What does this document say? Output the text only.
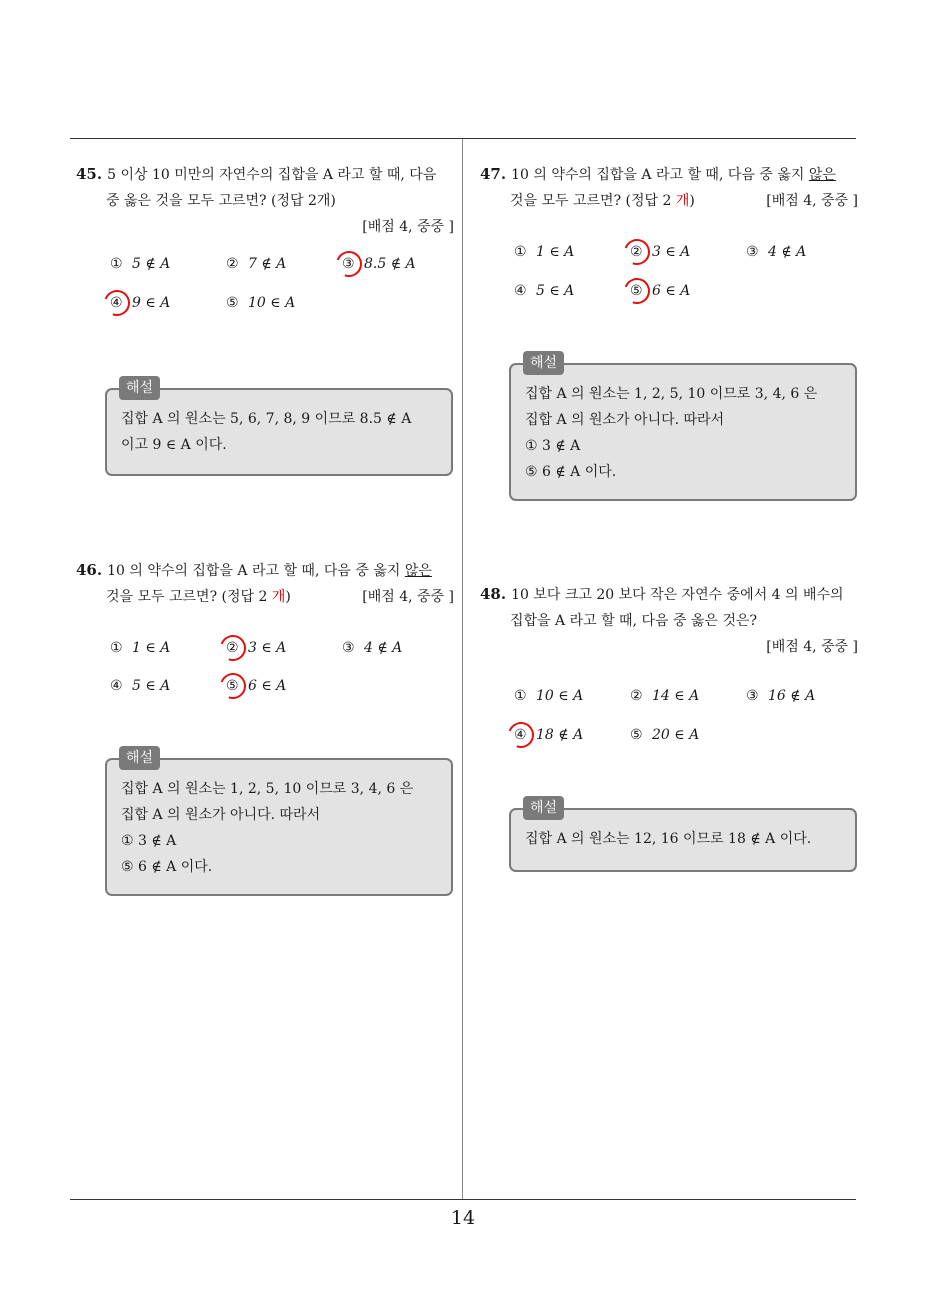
45. 5 이상 10 미만의 자연수의 집합을 A 라고 할 때, 다음
중 옳은 것을 모두 고르면? (정답 2개)
[배점 4, 중중 ]
① 5 ∉ A	② 7 ∉ A	③ 8.5 ∉ A
④ 9 ∈ A	⑤ 10 ∈ A
해설
집합 A 의 원소는 5, 6, 7, 8, 9 이므로 8.5 ∉ A
이고 9 ∈ A 이다.
46. 10 의 약수의 집합을 A 라고 할 때, 다음 중 옳지 않은
것을 모두 고르면? (정답 2 개)	[배점 4, 중중 ]
① 1 ∈ A	② 3 ∈ A	③ 4 ∉ A
④ 5 ∈ A	⑤ 6 ∈ A
해설
집합 A 의 원소는 1, 2, 5, 10 이므로 3, 4, 6 은
집합 A 의 원소가 아니다. 따라서
① 3 ∉ A
⑤ 6 ∉ A 이다.
47. 10 의 약수의 집합을 A 라고 할 때, 다음 중 옳지 않은
것을 모두 고르면? (정답 2 개)	[배점 4, 중중 ]
① 1 ∈ A	② 3 ∈ A	③ 4 ∉ A
④ 5 ∈ A	⑤ 6 ∈ A
해설
집합 A 의 원소는 1, 2, 5, 10 이므로 3, 4, 6 은
집합 A 의 원소가 아니다. 따라서
① 3 ∉ A
⑤ 6 ∉ A 이다.
48. 10 보다 크고 20 보다 작은 자연수 중에서 4 의 배수의
집합을 A 라고 할 때, 다음 중 옳은 것은?
[배점 4, 중중 ]
① 10 ∈ A	② 14 ∈ A	③ 16 ∉ A
④ 18 ∉ A	⑤ 20 ∈ A
해설
집합 A 의 원소는 12, 16 이므로 18 ∉ A 이다.
14
